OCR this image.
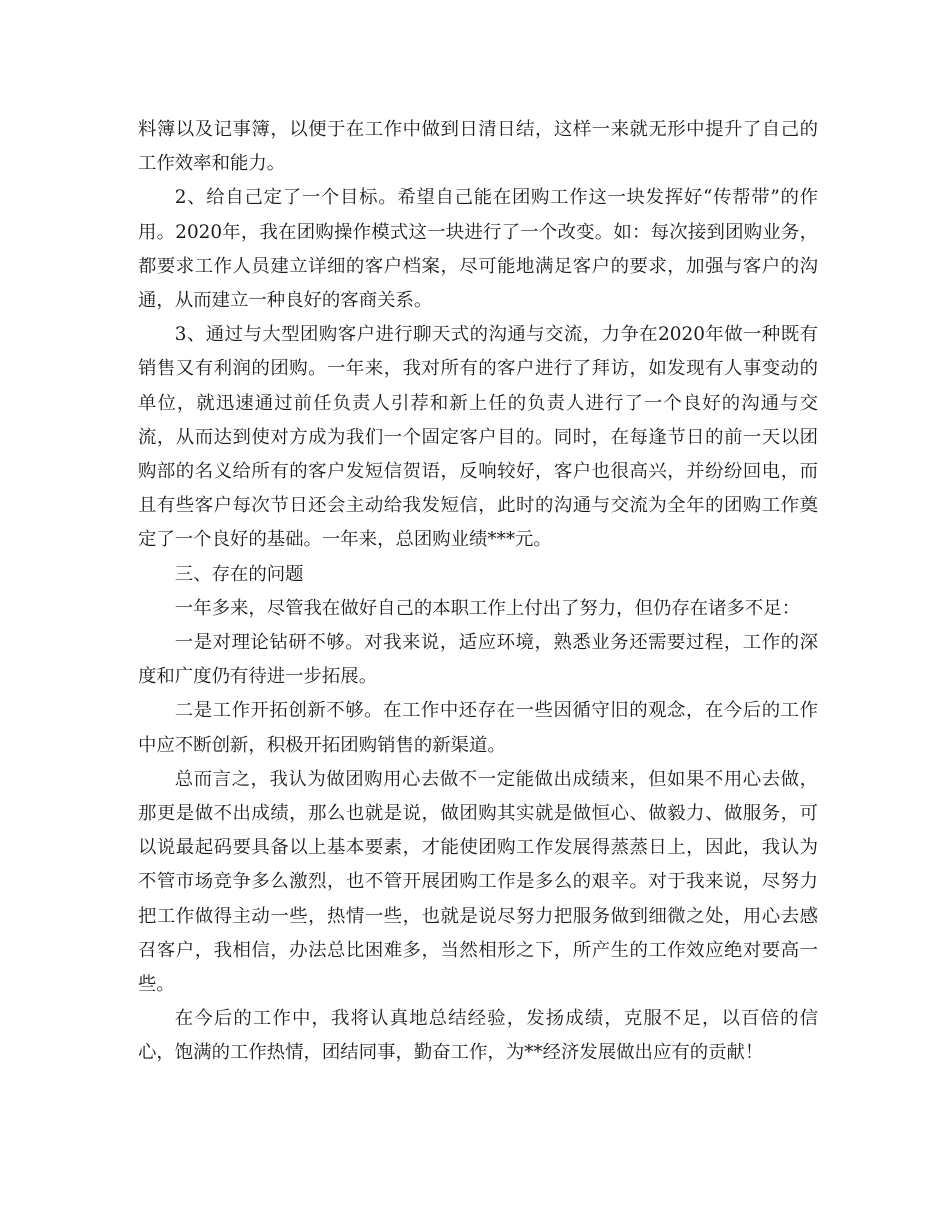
料簿以及记事簿，以便于在工作中做到日清日结，这样一来就无形中提升了自己的工作效率和能力。

2、给自己定了一个目标。希望自己能在团购工作这一块发挥好“传帮带”的作用。2020年，我在团购操作模式这一块进行了一个改变。如：每次接到团购业务，都要求工作人员建立详细的客户档案，尽可能地满足客户的要求，加强与客户的沟通，从而建立一种良好的客商关系。

3、通过与大型团购客户进行聊天式的沟通与交流，力争在2020年做一种既有销售又有利润的团购。一年来，我对所有的客户进行了拜访，如发现有人事变动的单位，就迅速通过前任负责人引荐和新上任的负责人进行了一个良好的沟通与交流，从而达到使对方成为我们一个固定客户目的。同时，在每逢节日的前一天以团购部的名义给所有的客户发短信贺语，反响较好，客户也很高兴，并纷纷回电，而且有些客户每次节日还会主动给我发短信，此时的沟通与交流为全年的团购工作奠定了一个良好的基础。一年来，总团购业绩***元。

三、存在的问题

一年多来，尽管我在做好自己的本职工作上付出了努力，但仍存在诸多不足：

一是对理论钻研不够。对我来说，适应环境，熟悉业务还需要过程，工作的深度和广度仍有待进一步拓展。

二是工作开拓创新不够。在工作中还存在一些因循守旧的观念，在今后的工作中应不断创新，积极开拓团购销售的新渠道。

总而言之，我认为做团购用心去做不一定能做出成绩来，但如果不用心去做，那更是做不出成绩，那么也就是说，做团购其实就是做恒心、做毅力、做服务，可以说最起码要具备以上基本要素，才能使团购工作发展得蒸蒸日上，因此，我认为不管市场竞争多么激烈，也不管开展团购工作是多么的艰辛。对于我来说，尽努力把工作做得主动一些，热情一些，也就是说尽努力把服务做到细微之处，用心去感召客户，我相信，办法总比困难多，当然相形之下，所产生的工作效应绝对要高一些。

在今后的工作中，我将认真地总结经验，发扬成绩，克服不足，以百倍的信心，饱满的工作热情，团结同事，勤奋工作，为**经济发展做出应有的贡献！
